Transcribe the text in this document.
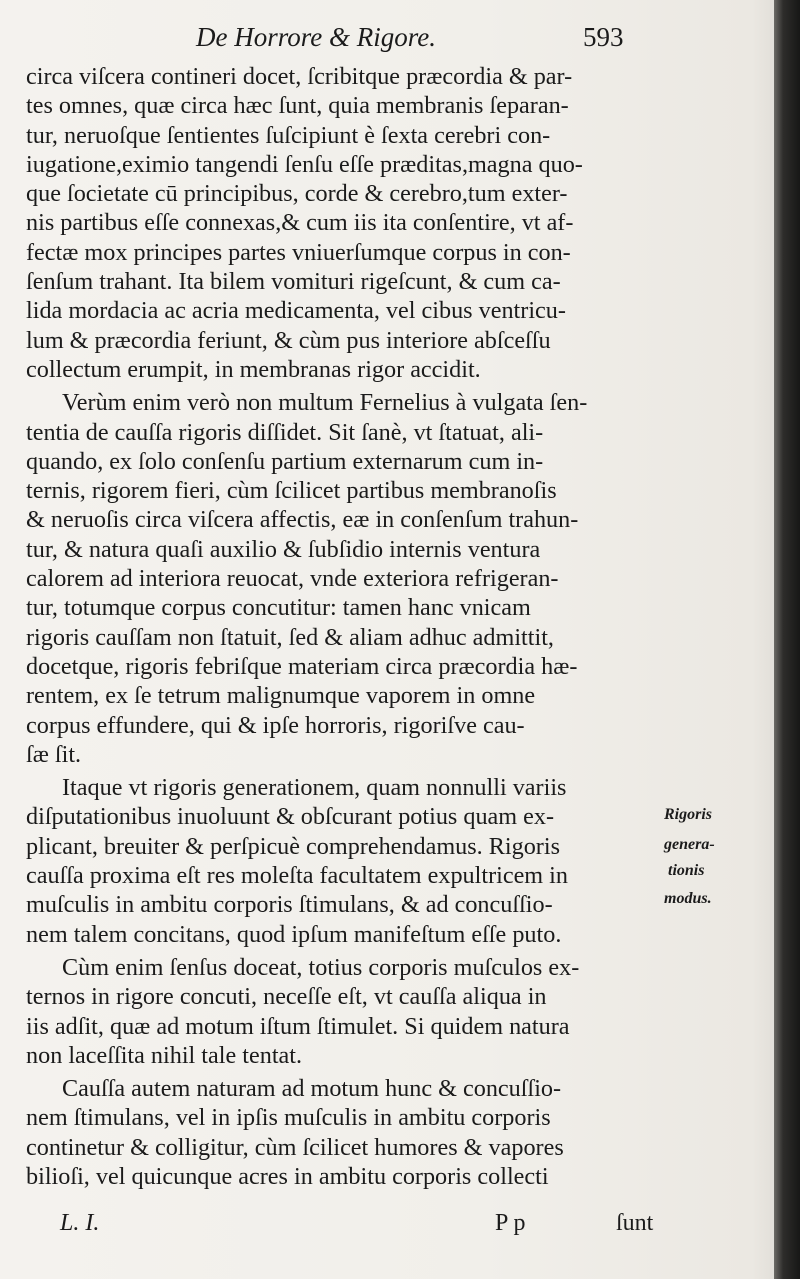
De Horrore & Rigore.	593
circa viſcera contineri docet, ſcribitque præcordia & par-
tes omnes, quæ circa hæc ſunt, quia membranis ſeparan-
tur, neruoſque ſentientes ſuſcipiunt è ſexta cerebri con-
iugatione,eximio tangendi ſenſu eſſe præditas,magna quo-
que ſocietate cū principibus, corde & cerebro,tum exter-
nis partibus eſſe connexas,& cum iis ita conſentire, vt af-
fectæ mox principes partes vniuerſumque corpus in con-
ſenſum trahant. Ita bilem vomituri rigeſcunt, & cum ca-
lida mordacia ac acria medicamenta, vel cibus ventricu-
lum & præcordia feriunt, & cùm pus interiore abſceſſu
collectum erumpit, in membranas rigor accidit.
Verùm enim verò non multum Fernelius à vulgata ſen-
tentia de cauſſa rigoris diſſidet. Sit ſanè, vt ſtatuat, ali-
quando, ex ſolo conſenſu partium externarum cum in-
ternis, rigorem fieri, cùm ſcilicet partibus membranoſis
& neruoſis circa viſcera affectis, eæ in conſenſum trahun-
tur, & natura quaſi auxilio & ſubſidio internis ventura
calorem ad interiora reuocat, vnde exteriora refrigeran-
tur, totumque corpus concutitur: tamen hanc vnicam
rigoris cauſſam non ſtatuit, ſed & aliam adhuc admittit,
docetque, rigoris febriſque materiam circa præcordia hæ-
rentem, ex ſe tetrum malignumque vaporem in omne
corpus effundere, qui & ipſe horroris, rigoriſve cau-
ſæ ſit.
Itaque vt rigoris generationem, quam nonnulli variis
diſputationibus inuoluunt & obſcurant potius quam ex-
plicant, breuiter & perſpicuè comprehendamus. Rigoris
cauſſa proxima eſt res moleſta facultatem expultricem in
muſculis in ambitu corporis ſtimulans, & ad concuſſio-
nem talem concitans, quod ipſum manifeſtum eſſe puto.
Cùm enim ſenſus doceat, totius corporis muſculos ex-
ternos in rigore concuti, neceſſe eſt, vt cauſſa aliqua in
iis adſit, quæ ad motum iſtum ſtimulet. Si quidem natura
non laceſſita nihil tale tentat.
Cauſſa autem naturam ad motum hunc & concuſſio-
nem ſtimulans, vel in ipſis muſculis in ambitu corporis
continetur & colligitur, cùm ſcilicet humores & vapores
bilioſi, vel quicunque acres in ambitu corporis collecti
Rigoris
genera-
tionis
modus.
L. I.	P p	ſunt
